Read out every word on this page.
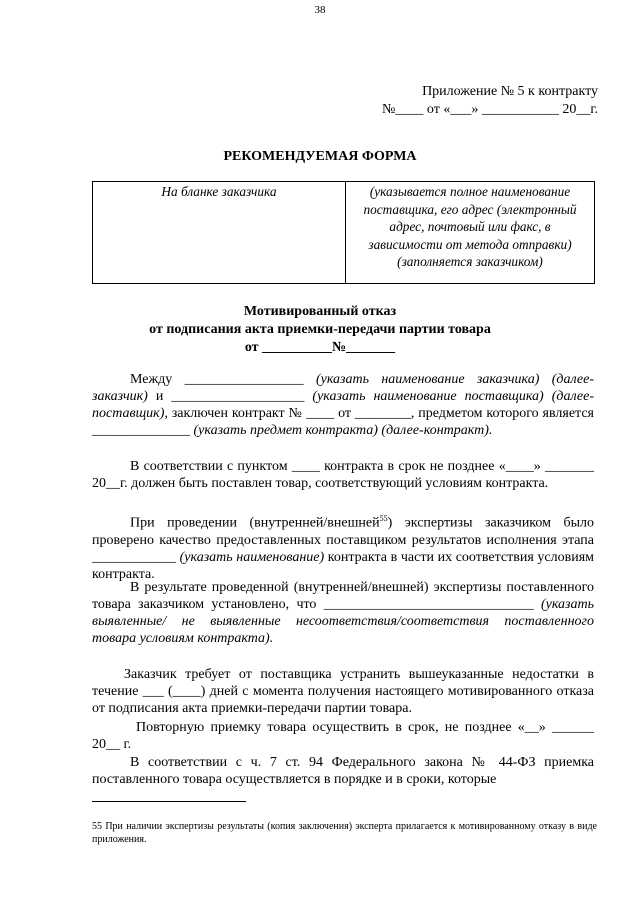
38
Приложение № 5 к контракту
№____ от «___» ___________ 20__г.
РЕКОМЕНДУЕМАЯ ФОРМА
На бланке заказчика	(указывается полное наименование поставщика, его адрес (электронный адрес, почтовый или факс, в зависимости от метода отправки) (заполняется заказчиком)
Мотивированный отказ
от подписания акта приемки-передачи партии товара
от __________№_______
Между _________________ (указать наименование заказчика) (далее-заказчик) и ___________________ (указать наименование поставщика) (далее-поставщик), заключен контракт № ____ от ________, предметом которого является ______________ (указать предмет контракта) (далее-контракт).
В соответствии с пунктом ____ контракта в срок не позднее «____» _______ 20__г. должен быть поставлен товар, соответствующий условиям контракта.
При проведении (внутренней/внешней$^{55}$) экспертизы заказчиком было проверено качество предоставленных поставщиком результатов исполнения этапа ____________ (указать наименование) контракта в части их соответствия условиям контракта.
В результате проведенной (внутренней/внешней) экспертизы поставленного товара заказчиком установлено, что ______________________________ (указать выявленные/ не выявленные несоответствия/соответствия поставленного товара условиям контракта).
Заказчик требует от поставщика устранить вышеуказанные недостатки в течение ___ (____) дней с момента получения настоящего мотивированного отказа от подписания акта приемки-передачи партии товара.
Повторную приемку товара осуществить в срок, не позднее «__» ______ 20__ г.
В соответствии с ч. 7 ст. 94 Федерального закона № 44-ФЗ приемка поставленного товара осуществляется в порядке и в сроки, которые
55 При наличии экспертизы результаты (копия заключения) эксперта прилагается к мотивированному отказу в виде приложения.
